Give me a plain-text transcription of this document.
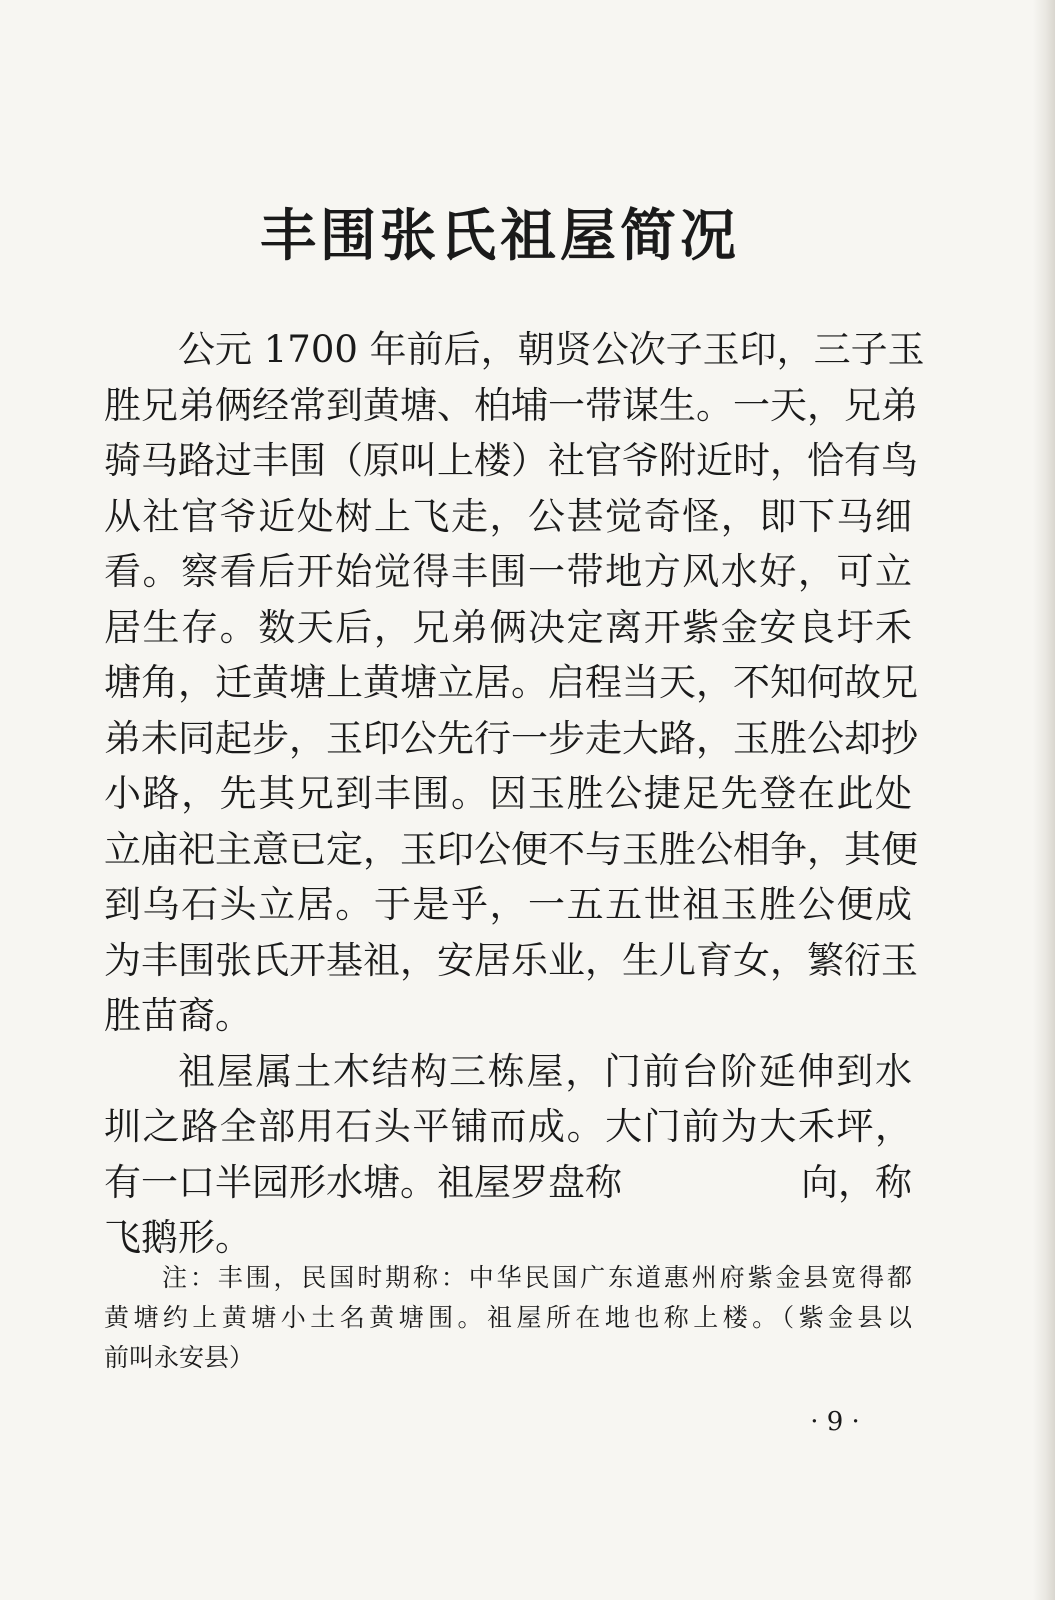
丰围张氏祖屋简况
公元 1700 年前后，朝贤公次子玉印，三子玉
胜兄弟俩经常到黄塘、柏埔一带谋生。一天，兄弟
骑马路过丰围（原叫上楼）社官爷附近时，恰有鸟
从社官爷近处树上飞走，公甚觉奇怪，即下马细
看。察看后开始觉得丰围一带地方风水好，可立
居生存。数天后，兄弟俩决定离开紫金安良圩禾
塘角，迁黄塘上黄塘立居。启程当天，不知何故兄
弟未同起步，玉印公先行一步走大路，玉胜公却抄
小路，先其兄到丰围。因玉胜公捷足先登在此处
立庙祀主意已定，玉印公便不与玉胜公相争，其便
到乌石头立居。于是乎，一五五世祖玉胜公便成
为丰围张氏开基祖，安居乐业，生儿育女，繁衍玉
胜苗裔。
祖屋属土木结构三栋屋，门前台阶延伸到水
圳之路全部用石头平铺而成。大门前为大禾坪，
有一口半园形水塘。祖屋罗盘称	向，称
飞鹅形。
注：丰围，民国时期称：中华民国广东道惠州府紫金县宽得都
黄塘约上黄塘小土名黄塘围。祖屋所在地也称上楼。（紫金县以
前叫永安县）
· 9 ·
